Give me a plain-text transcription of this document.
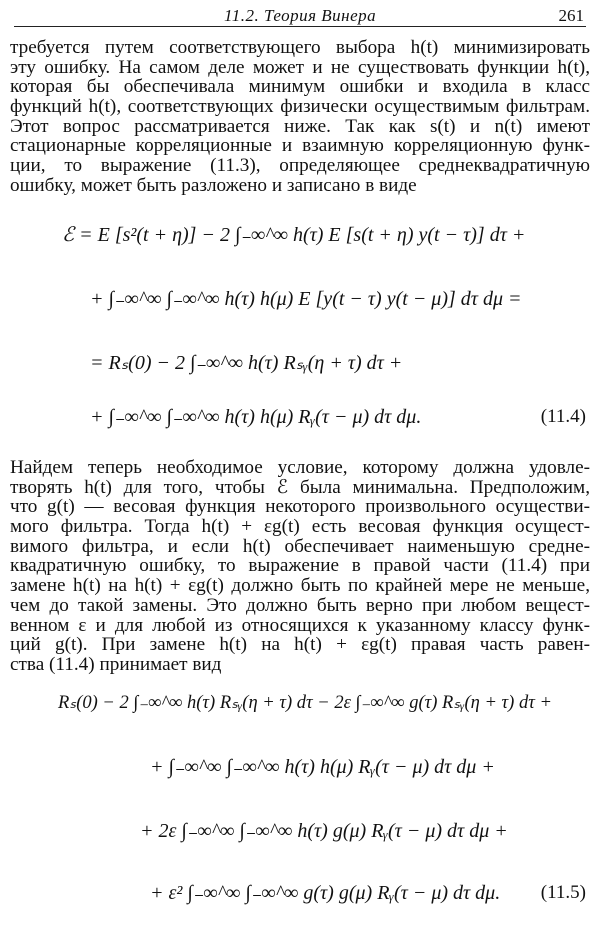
11.2. Теория Винера	261
требуется путем соответствующего выбора h(t) минимизировать
эту ошибку. На самом деле может и не существовать функции h(t),
которая бы обеспечивала минимум ошибки и входила в класс
функций h(t), соответствующих физически осуществимым фильтрам.
Этот вопрос рассматривается ниже. Так как s(t) и n(t) имеют
стационарные корреляционные и взаимную корреляционную функ-
ции, то выражение (11.3), определяющее среднеквадратичную
ошибку, может быть разложено и записано в виде
ℰ = E [s²(t + η)] − 2 ∫₋∞^∞ h(τ) E [s(t + η) y(t − τ)] dτ +
+ ∫₋∞^∞ ∫₋∞^∞ h(τ) h(μ) E [y(t − τ) y(t − μ)] dτ dμ =
= Rₛ(0) − 2 ∫₋∞^∞ h(τ) Rₛᵧ(η + τ) dτ +
+ ∫₋∞^∞ ∫₋∞^∞ h(τ) h(μ) Rᵧ(τ − μ) dτ dμ.	(11.4)
Найдем теперь необходимое условие, которому должна удовле-
творять h(t) для того, чтобы ℰ была минимальна. Предположим,
что g(t) — весовая функция некоторого произвольного осуществи-
мого фильтра. Тогда h(t) + εg(t) есть весовая функция осущест-
вимого фильтра, и если h(t) обеспечивает наименьшую средне-
квадратичную ошибку, то выражение в правой части (11.4) при
замене h(t) на h(t) + εg(t) должно быть по крайней мере не меньше,
чем до такой замены. Это должно быть верно при любом вещест-
венном ε и для любой из относящихся к указанному классу функ-
ций g(t). При замене h(t) на h(t) + εg(t) правая часть равен-
ства (11.4) принимает вид
Rₛ(0) − 2 ∫₋∞^∞ h(τ) Rₛᵧ(η + τ) dτ − 2ε ∫₋∞^∞ g(τ) Rₛᵧ(η + τ) dτ +
+ ∫₋∞^∞ ∫₋∞^∞ h(τ) h(μ) Rᵧ(τ − μ) dτ dμ +
+ 2ε ∫₋∞^∞ ∫₋∞^∞ h(τ) g(μ) Rᵧ(τ − μ) dτ dμ +
+ ε² ∫₋∞^∞ ∫₋∞^∞ g(τ) g(μ) Rᵧ(τ − μ) dτ dμ. (11.5)
